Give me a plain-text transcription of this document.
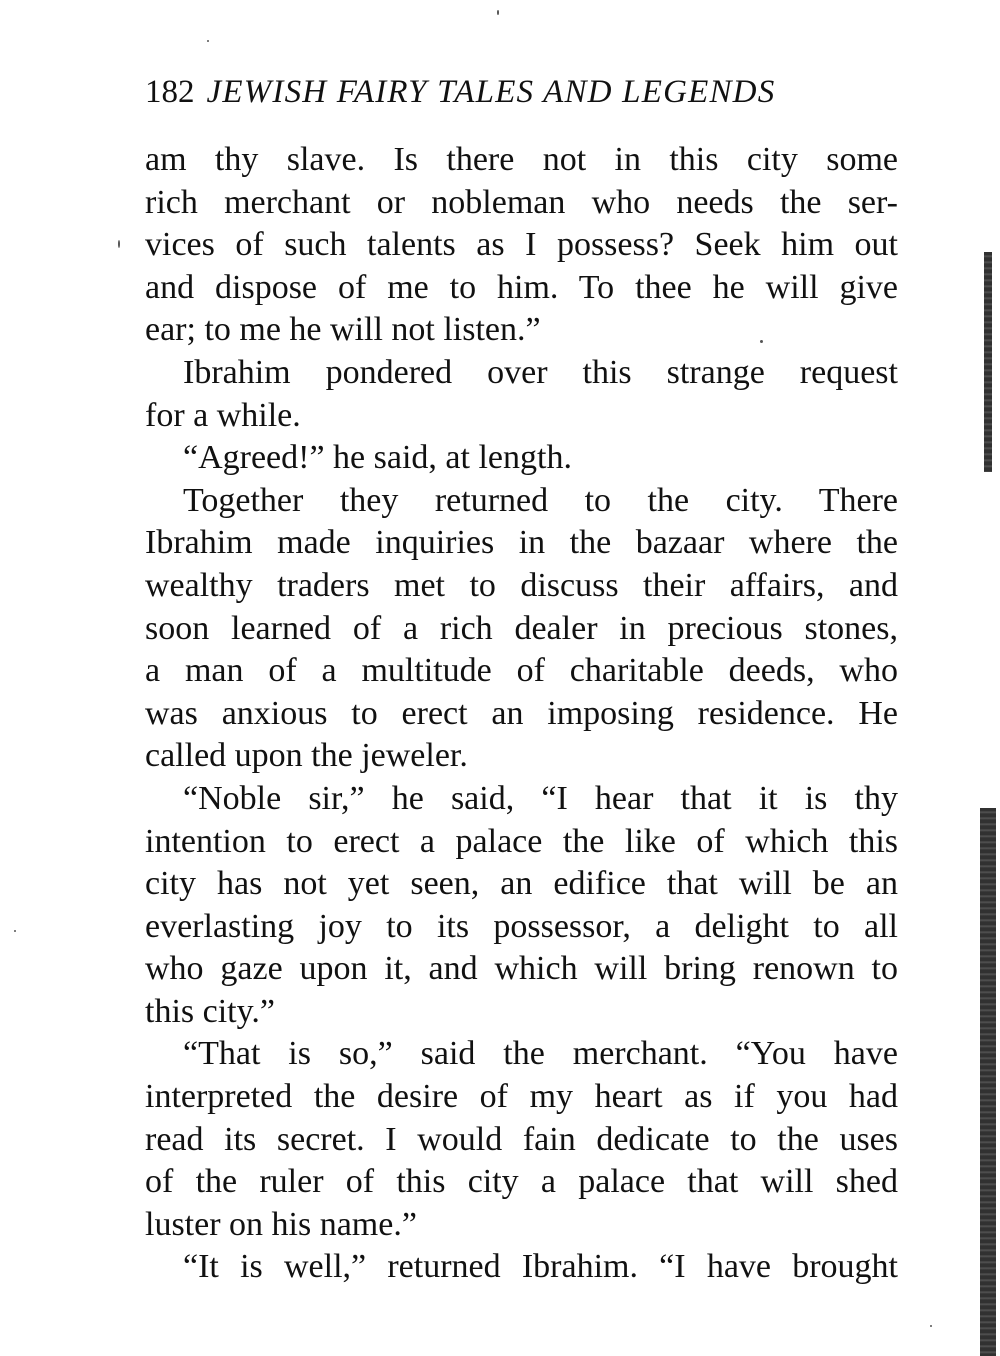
182 JEWISH FAIRY TALES AND LEGENDS
am thy slave. Is there not in this city some
rich merchant or nobleman who needs the ser-
vices of such talents as I possess? Seek him out
and dispose of me to him. To thee he will give
ear; to me he will not listen.”
Ibrahim pondered over this strange request
for a while.
“Agreed!” he said, at length.
Together they returned to the city. There
Ibrahim made inquiries in the bazaar where the
wealthy traders met to discuss their affairs, and
soon learned of a rich dealer in precious stones,
a man of a multitude of charitable deeds, who
was anxious to erect an imposing residence. He
called upon the jeweler.
“Noble sir,” he said, “I hear that it is thy
intention to erect a palace the like of which this
city has not yet seen, an edifice that will be an
everlasting joy to its possessor, a delight to all
who gaze upon it, and which will bring renown to
this city.”
“That is so,” said the merchant. “You have
interpreted the desire of my heart as if you had
read its secret. I would fain dedicate to the uses
of the ruler of this city a palace that will shed
luster on his name.”
“It is well,” returned Ibrahim. “I have brought
